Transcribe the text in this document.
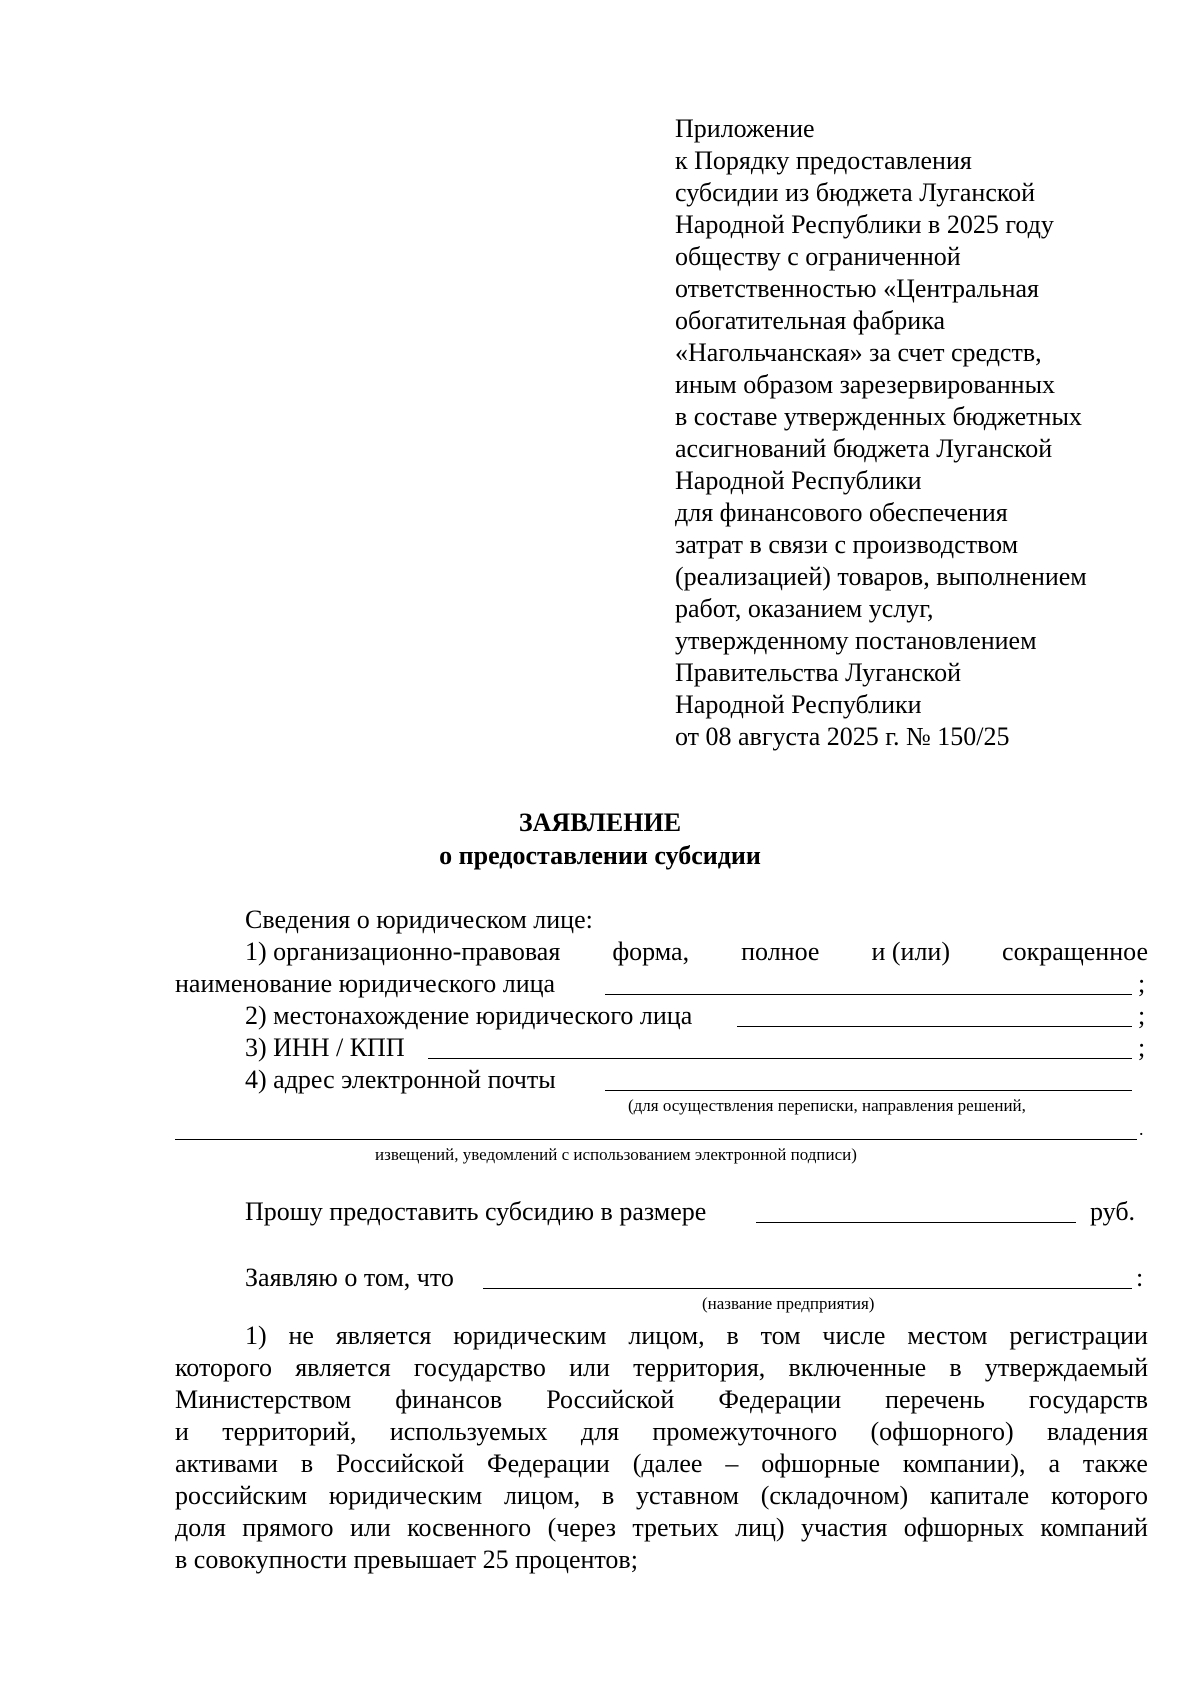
Приложение
к Порядку предоставления
субсидии из бюджета Луганской
Народной Республики в 2025 году
обществу с ограниченной
ответственностью «Центральная
обогатительная фабрика
«Нагольчанская» за счет средств,
иным образом зарезервированных
в составе утвержденных бюджетных
ассигнований бюджета Луганской
Народной Республики
для финансового обеспечения
затрат в связи с производством
(реализацией) товаров, выполнением
работ, оказанием услуг,
утвержденному постановлением
Правительства Луганской
Народной Республики
от 08 августа 2025 г. № 150/25
ЗАЯВЛЕНИЕ
о предоставлении субсидии
Сведения о юридическом лице:
1) организационно-правовая форма, полное и (или) сокращенное
наименование юридического лица	;
2) местонахождение юридического лица	;
3) ИНН / КПП	;
4) адрес электронной почты
(для осуществления переписки, направления решений,
.
извещений, уведомлений с использованием электронной подписи)
Прошу предоставить субсидию в размере	руб.
Заявляю о том, что	:
(название предприятия)
1) не является юридическим лицом, в том числе местом регистрации
которого является государство или территория, включенные в утверждаемый
Министерством финансов Российской Федерации перечень государств
и территорий, используемых для промежуточного (офшорного) владения
активами в Российской Федерации (далее – офшорные компании), а также
российским юридическим лицом, в уставном (складочном) капитале которого
доля прямого или косвенного (через третьих лиц) участия офшорных компаний
в совокупности превышает 25 процентов;
